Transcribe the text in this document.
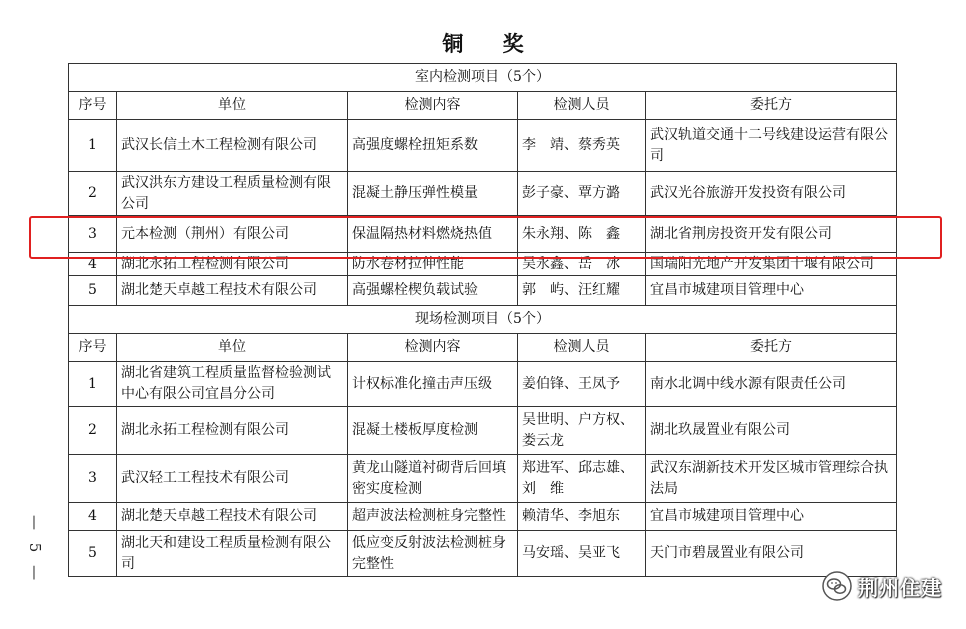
铜 奖
室内检测项目（5个）				
序号	单位	检测内容	检测人员	委托方
1	武汉长信土木工程检测有限公司	高强度螺栓扭矩系数	李　靖、蔡秀英	武汉轨道交通十二号线建设运营有限公司
2	武汉洪东方建设工程质量检测有限公司	混凝土静压弹性模量	彭子豪、覃方潞	武汉光谷旅游开发投资有限公司
3	元本检测（荆州）有限公司	保温隔热材料燃烧热值	朱永翔、陈　鑫	湖北省荆房投资开发有限公司
4	湖北永拓工程检测有限公司	防水卷材拉伸性能	吴永鑫、岳　冰	国瑞阳光地产开发集团十堰有限公司
5	湖北楚天卓越工程技术有限公司	高强螺栓楔负载试验	郭　屿、汪红耀	宜昌市城建项目管理中心
现场检测项目（5个）				
序号	单位	检测内容	检测人员	委托方
1	湖北省建筑工程质量监督检验测试中心有限公司宜昌分公司	计权标准化撞击声压级	姜伯锋、王凤予	南水北调中线水源有限责任公司
2	湖北永拓工程检测有限公司	混凝土楼板厚度检测	吴世明、户方权、娄云龙	湖北玖晟置业有限公司
3	武汉轻工工程技术有限公司	黄龙山隧道衬砌背后回填密实度检测	郑进军、邱志雄、刘　维	武汉东湖新技术开发区城市管理综合执法局
4	湖北楚天卓越工程技术有限公司	超声波法检测桩身完整性	赖清华、李旭东	宜昌市城建项目管理中心
5	湖北天和建设工程质量检测有限公司	低应变反射波法检测桩身完整性	马安瑶、吴亚飞	天门市碧晟置业有限公司
— 5 —
荆州住建
